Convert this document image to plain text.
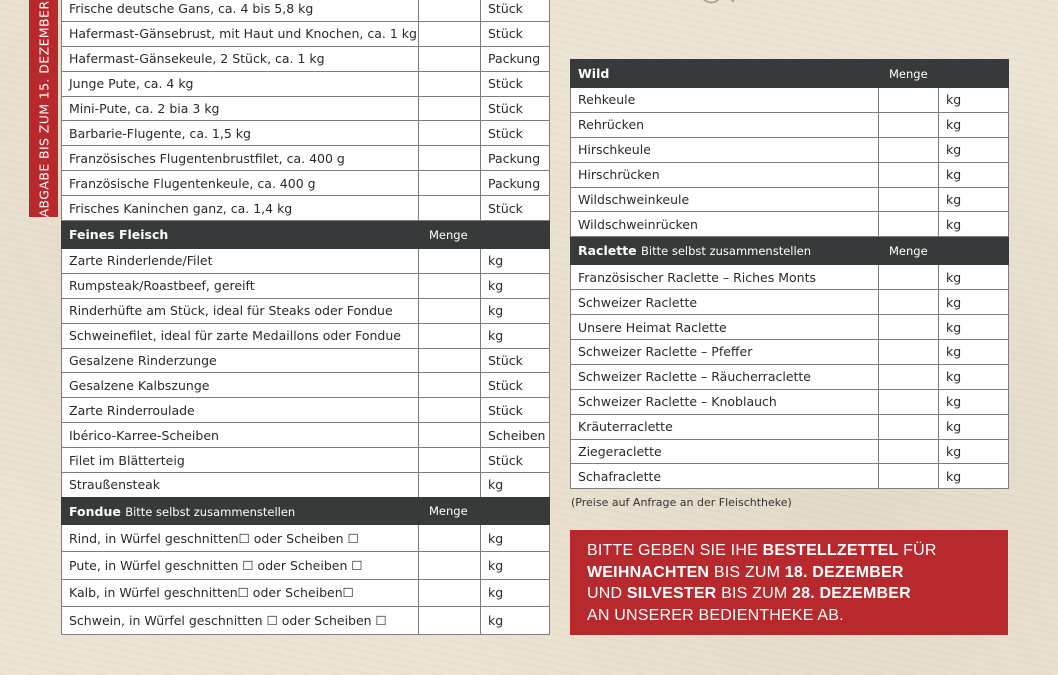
ABGABE BIS ZUM 15. DEZEMBER Frische deutsche Gans, ca. 4 bis 5,8 kg		Stück
Hafermast-Gänsebrust, mit Haut und Knochen, ca. 1 kg		Stück
Hafermast-Gänsekeule, 2 Stück, ca. 1 kg		Packung
Junge Pute, ca. 4 kg		Stück
Mini-Pute, ca. 2 bia 3 kg		Stück
Barbarie-Flugente, ca. 1,5 kg		Stück
Französisches Flugentenbrustfilet, ca. 400 g		Packung
Französische Flugentenkeule, ca. 400 g		Packung
Frisches Kaninchen ganz, ca. 1,4 kg		Stück
Feines Fleisch	Menge	
Zarte Rinderlende/Filet		kg
Rumpsteak/Roastbeef, gereift		kg
Rinderhüfte am Stück, ideal für Steaks oder Fondue		kg
Schweinefilet, ideal für zarte Medaillons oder Fondue		kg
Gesalzene Rinderzunge		Stück
Gesalzene Kalbszunge		Stück
Zarte Rinderroulade		Stück
Ibérico-Karree-Scheiben		Scheiben
Filet im Blätterteig		Stück
Straußensteak		kg
Fondue Bitte selbst zusammenstellen	Menge	
Rind, in Würfel geschnitten☐ oder Scheiben ☐		kg
Pute, in Würfel geschnitten ☐ oder Scheiben ☐		kg
Kalb, in Würfel geschnitten☐ oder Scheiben☐		kg
Schwein, in Würfel geschnitten ☐ oder Scheiben ☐		kg
Wild	Menge	
Rehkeule		kg
Rehrücken		kg
Hirschkeule		kg
Hirschrücken		kg
Wildschweinkeule		kg
Wildschweinrücken		kg
Raclette Bitte selbst zusammenstellen	Menge	
Französischer Raclette – Riches Monts		kg
Schweizer Raclette		kg
Unsere Heimat Raclette		kg
Schweizer Raclette – Pfeffer		kg
Schweizer Raclette – Räucherraclette		kg
Schweizer Raclette – Knoblauch		kg
Kräuterraclette		kg
Ziegeraclette		kg
Schafraclette		kg
(Preise auf Anfrage an der Fleischtheke)
BITTE GEBEN SIE IHE BESTELLZETTEL FÜR
WEIHNACHTEN BIS ZUM 18. DEZEMBER
UND SILVESTER BIS ZUM 28. DEZEMBER
AN UNSERER BEDIENTHEKE AB.
